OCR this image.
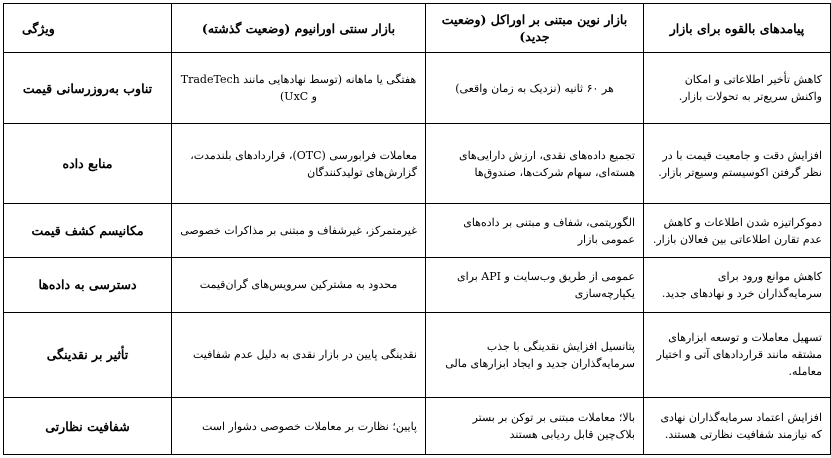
پیامدهای بالقوه برای بازار	بازار نوین مبتنی بر اوراکل (وضعیت جدید)	بازار سنتی اورانیوم (وضعیت گذشته)	ویژگی
کاهش تأخیر اطلاعاتی و امکان واکنش سریع‌تر به تحولات بازار.	هر ۶۰ ثانیه (نزدیک به زمان واقعی)	هفتگی یا ماهانه (توسط نهادهایی مانند TradeTech و UxC)	تناوب به‌روزرسانی قیمت
افزایش دقت و جامعیت قیمت با در نظر گرفتن اکوسیستم وسیع‌تر بازار.	تجمیع داده‌های نقدی، ارزش دارایی‌های هسته‌ای، سهام شرکت‌ها، صندوق‌ها	معاملات فرابورسی (OTC)، قراردادهای بلندمدت، گزارش‌های تولیدکنندگان	منابع داده
دموکراتیزه شدن اطلاعات و کاهش عدم تقارن اطلاعاتی بین فعالان بازار.	الگوریتمی، شفاف و مبتنی بر داده‌های عمومی بازار	غیرمتمرکز، غیرشفاف و مبتنی بر مذاکرات خصوصی	مکانیسم کشف قیمت
کاهش موانع ورود برای سرمایه‌گذاران خرد و نهادهای جدید.	عمومی از طریق وب‌سایت و API برای یکپارچه‌سازی	محدود به مشترکین سرویس‌های گران‌قیمت	دسترسی به داده‌ها
تسهیل معاملات و توسعه ابزارهای مشتقه مانند قراردادهای آتی و اختیار معامله.	پتانسیل افزایش نقدینگی با جذب سرمایه‌گذاران جدید و ایجاد ابزارهای مالی	نقدینگی پایین در بازار نقدی به دلیل عدم شفافیت	تأثیر بر نقدینگی
افزایش اعتماد سرمایه‌گذاران نهادی که نیازمند شفافیت نظارتی هستند.	بالا؛ معاملات مبتنی بر توکن بر بستر بلاک‌چین قابل ردیابی هستند	پایین؛ نظارت بر معاملات خصوصی دشوار است	شفافیت نظارتی
